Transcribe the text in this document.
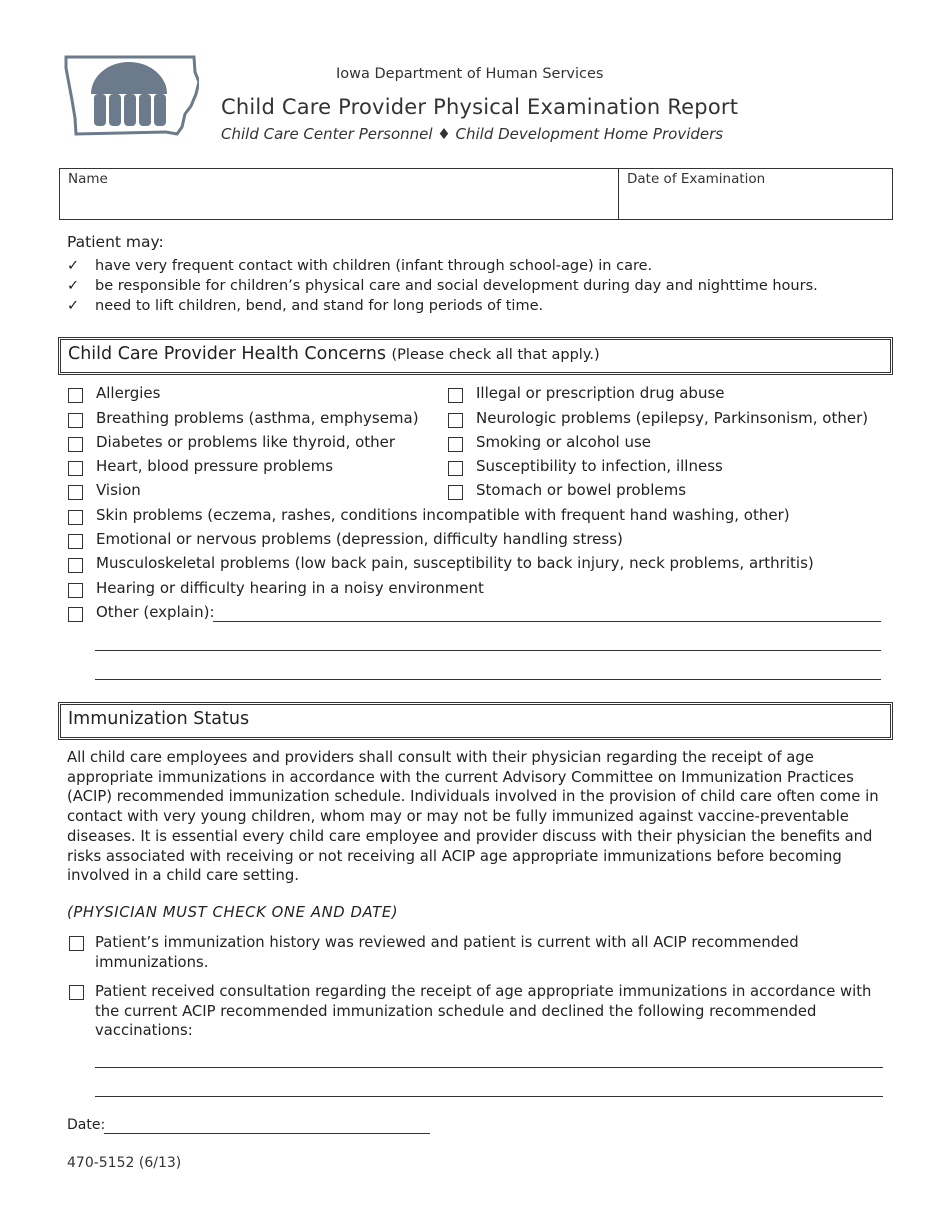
Iowa Department of Human Services
Child Care Provider Physical Examination Report
Child Care Center Personnel ♦ Child Development Home Providers
Name	Date of Examination
Patient may:
✓ have very frequent contact with children (infant through school-age) in care.
✓ be responsible for children’s physical care and social development during day and nighttime hours.
✓ need to lift children, bend, and stand for long periods of time.
Child Care Provider Health Concerns (Please check all that apply.)
Allergies
Breathing problems (asthma, emphysema)
Diabetes or problems like thyroid, other
Heart, blood pressure problems
Vision
Illegal or prescription drug abuse
Neurologic problems (epilepsy, Parkinsonism, other)
Smoking or alcohol use
Susceptibility to infection, illness
Stomach or bowel problems
Skin problems (eczema, rashes, conditions incompatible with frequent hand washing, other)
Emotional or nervous problems (depression, difficulty handling stress)
Musculoskeletal problems (low back pain, susceptibility to back injury, neck problems, arthritis)
Hearing or difficulty hearing in a noisy environment
Other (explain):
Immunization Status
All child care employees and providers shall consult with their physician regarding the receipt of age appropriate immunizations in accordance with the current Advisory Committee on Immunization Practices (ACIP) recommended immunization schedule. Individuals involved in the provision of child care often come in contact with very young children, whom may or may not be fully immunized against vaccine-preventable diseases. It is essential every child care employee and provider discuss with their physician the benefits and risks associated with receiving or not receiving all ACIP age appropriate immunizations before becoming involved in a child care setting.
(PHYSICIAN MUST CHECK ONE AND DATE)
Patient’s immunization history was reviewed and patient is current with all ACIP recommended immunizations.
Patient received consultation regarding the receipt of age appropriate immunizations in accordance with the current ACIP recommended immunization schedule and declined the following recommended vaccinations:
Date:
470-5152 (6/13)
